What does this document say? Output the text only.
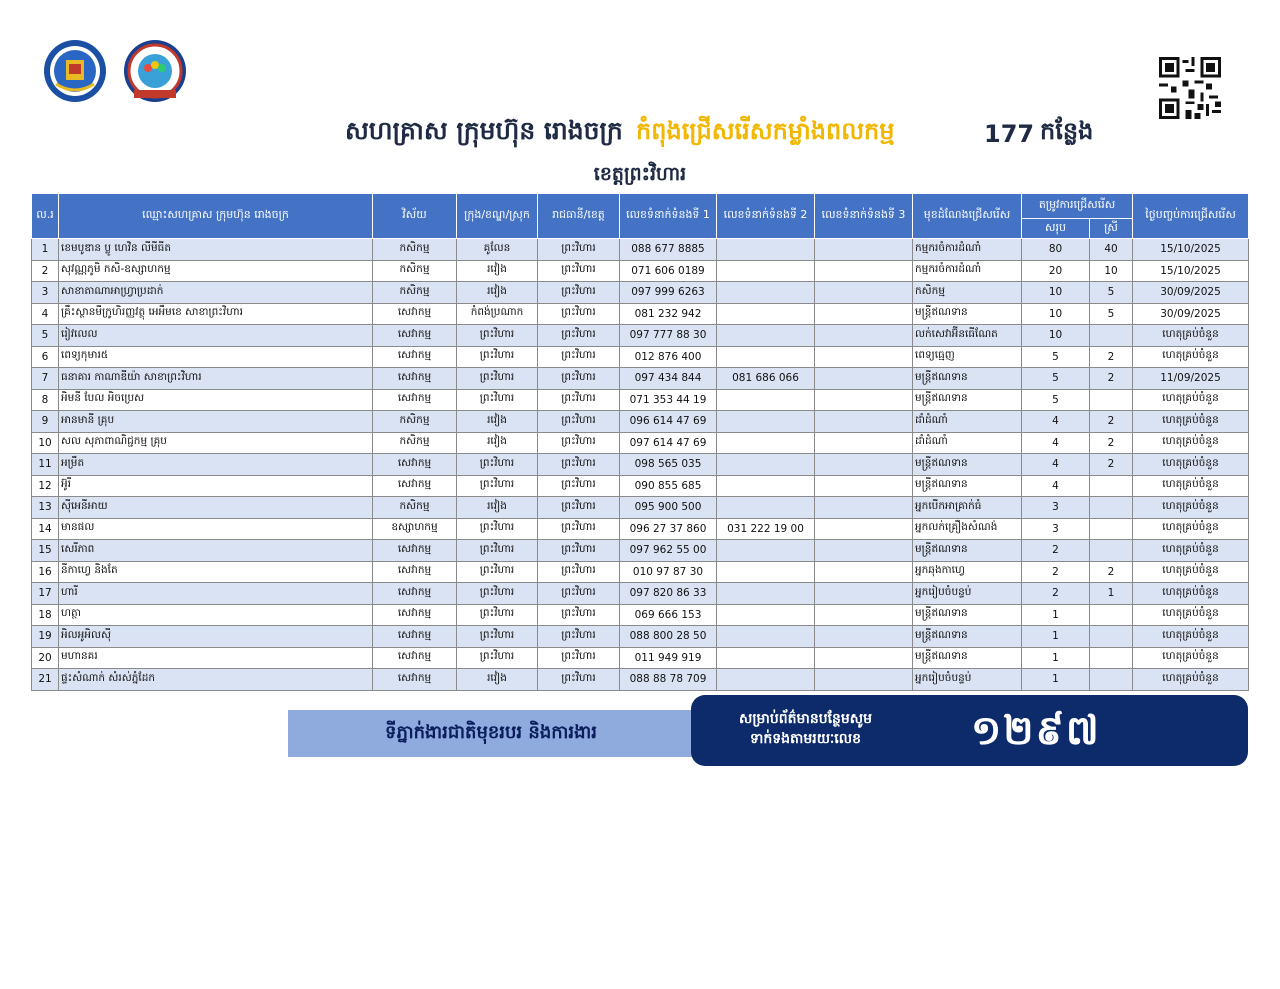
សហគ្រាស ក្រុមហ៊ុន រោងចក្រ កំពុងជ្រើសរើសកម្លាំងពលកម្ម	177 កន្លែង
ខេត្តព្រះវិហារ
ល.រ	ឈ្មោះសហគ្រាស ក្រុមហ៊ុន រោងចក្រ	វិស័យ	ក្រុង/ខណ្ឌ/ស្រុក	រាជធានី/ខេត្ត	លេខទំនាក់ទំនងទី 1	លេខទំនាក់ទំនងទី 2	លេខទំនាក់ទំនងទី 3	មុខដំណែងជ្រើសរើស	តម្រូវការជ្រើសរើស		ថ្ងៃបញ្ចប់ការជ្រើសរើស
									សរុប	ស្រី	
1	ខេមបូឌាន ប្លូ ហេវិន លីមីធីត	កសិកម្ម	គូលែន	ព្រះវិហារ	088 677 8885			កម្មករចំការដំណាំ	80	40	15/10/2025
2	សុវណ្ណភូមិ កសិ-ឧស្សាហកម្ម	កសិកម្ម	រវៀង	ព្រះវិហារ	071 606 0189			កម្មករចំការដំណាំ	20	10	15/10/2025
3	សាខាតាណាអាហ្វ្រាប្រដាក់	កសិកម្ម	រវៀង	ព្រះវិហារ	097 999 6263			កសិកម្ម	10	5	30/09/2025
4	គ្រឹះស្ថានមីក្រូហិរញ្ញវត្ថុ អេអឹមខេ សាខាព្រះវិហារ	សេវាកម្ម	កំពង់ប្រណាក	ព្រះវិហារ	081 232 942			មន្ត្រីឥណទាន	10	5	30/09/2025
5	រៀវលេល	សេវាកម្ម	ព្រះវិហារ	ព្រះវិហារ	097 777 88 30			លក់សេវាអ៊ីនធើណែត	10		ហេតុគ្រប់ចំនួន
6	ពេទ្យកុមារ៥	សេវាកម្ម	ព្រះវិហារ	ព្រះវិហារ	012 876 400			ពេទ្យធ្មេញ	5	2	ហេតុគ្រប់ចំនួន
7	ធនាគារ កាណាឌីយ៉ា សាខាព្រះវិហារ	សេវាកម្ម	ព្រះវិហារ	ព្រះវិហារ	097 434 844	081 686 066		មន្ត្រីឥណទាន	5	2	11/09/2025
8	អិមនី បែល អិចប្រេស	សេវាកម្ម	ព្រះវិហារ	ព្រះវិហារ	071 353 44 19			មន្ត្រីឥណទាន	5		ហេតុគ្រប់ចំនួន
9	អានមានី គ្រុប	កសិកម្ម	រវៀង	ព្រះវិហារ	096 614 47 69			ដាំដំណាំ	4	2	ហេតុគ្រប់ចំនួន
10	សល សុភាពាណិជ្ជកម្ម គ្រុប	កសិកម្ម	រវៀង	ព្រះវិហារ	097 614 47 69			ដាំដំណាំ	4	2	ហេតុគ្រប់ចំនួន
11	អម្រឹត	សេវាកម្ម	ព្រះវិហារ	ព្រះវិហារ	098 565 035			មន្ត្រីឥណទាន	4	2	ហេតុគ្រប់ចំនួន
12	អ៊ូរី	សេវាកម្ម	ព្រះវិហារ	ព្រះវិហារ	090 855 685			មន្ត្រីឥណទាន	4		ហេតុគ្រប់ចំនួន
13	ស៊ីអេនីអាយ	កសិកម្ម	រវៀង	ព្រះវិហារ	095 900 500			អ្នកបើកអាគ្រាក់ធំ	3		ហេតុគ្រប់ចំនួន
14	មានផល	ឧស្សាហកម្ម	ព្រះវិហារ	ព្រះវិហារ	096 27 37 860	031 222 19 00		អ្នកលក់គ្រឿងសំណង់	3		ហេតុគ្រប់ចំនួន
15	សេរីភាព	សេវាកម្ម	ព្រះវិហារ	ព្រះវិហារ	097 962 55 00			មន្ត្រីឥណទាន	2		ហេតុគ្រប់ចំនួន
16	នីកាហ្វេ និងតែ	សេវាកម្ម	ព្រះវិហារ	ព្រះវិហារ	010 97 87 30			អ្នកឆុងកាហ្វេ	2	2	ហេតុគ្រប់ចំនួន
17	ហារី	សេវាកម្ម	ព្រះវិហារ	ព្រះវិហារ	097 820 86 33			អ្នករៀបចំបន្ទប់	2	1	ហេតុគ្រប់ចំនួន
18	ហត្ថា	សេវាកម្ម	ព្រះវិហារ	ព្រះវិហារ	069 666 153			មន្ត្រីឥណទាន	1		ហេតុគ្រប់ចំនួន
19	អិលអូអិលស៊ី	សេវាកម្ម	ព្រះវិហារ	ព្រះវិហារ	088 800 28 50			មន្ត្រីឥណទាន	1		ហេតុគ្រប់ចំនួន
20	មហានគរ	សេវាកម្ម	ព្រះវិហារ	ព្រះវិហារ	011 949 919			មន្ត្រីឥណទាន	1		ហេតុគ្រប់ចំនួន
21	ផ្ទះសំណាក់ សំរស់ភ្នំដែក	សេវាកម្ម	រវៀង	ព្រះវិហារ	088 88 78 709			អ្នករៀបចំបន្ទប់	1		ហេតុគ្រប់ចំនួន
ទីភ្នាក់ងារជាតិមុខរបរ និងការងារ
សម្រាប់ព័ត៌មានបន្ថែមសូម
ទាក់ទងតាមរយៈលេខ	១២៩៧
